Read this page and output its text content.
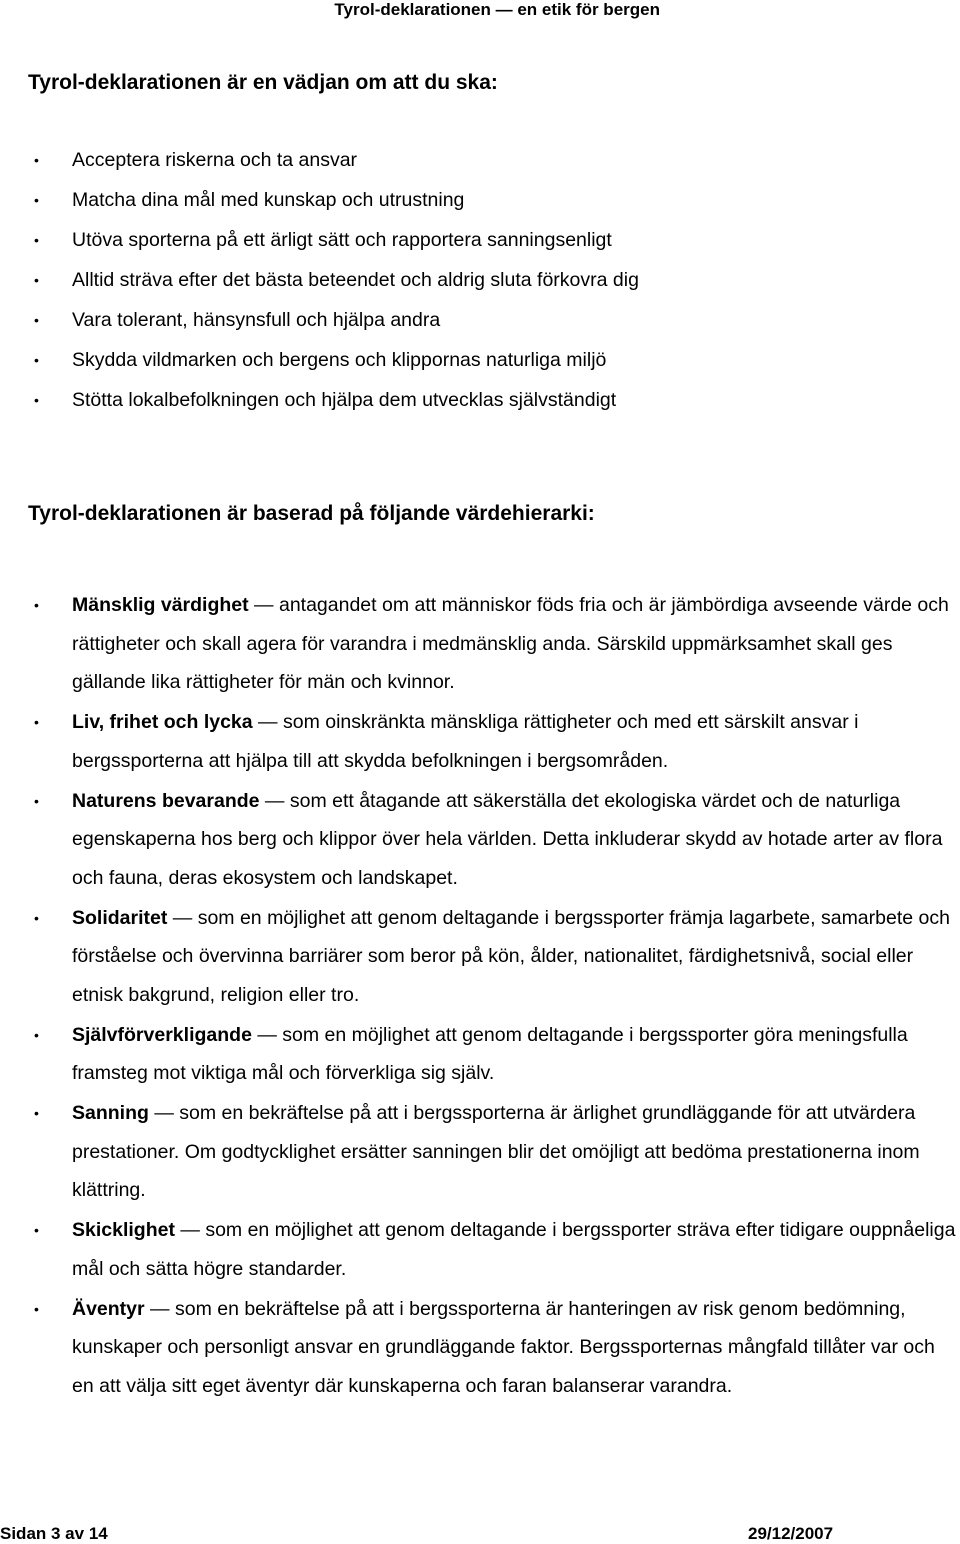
Tyrol-deklarationen — en etik för bergen
Tyrol-deklarationen är en vädjan om att du ska:
• Acceptera riskerna och ta ansvar
• Matcha dina mål med kunskap och utrustning
• Utöva sporterna på ett ärligt sätt och rapportera sanningsenligt
• Alltid sträva efter det bästa beteendet och aldrig sluta förkovra dig
• Vara tolerant, hänsynsfull och hjälpa andra
• Skydda vildmarken och bergens och klippornas naturliga miljö
• Stötta lokalbefolkningen och hjälpa dem utvecklas självständigt
Tyrol-deklarationen är baserad på följande värdehierarki:
• Mänsklig värdighet — antagandet om att människor föds fria och är jämbördiga avseende värde och rättigheter och skall agera för varandra i medmänsklig anda. Särskild uppmärksamhet skall ges gällande lika rättigheter för män och kvinnor.
• Liv, frihet och lycka — som oinskränkta mänskliga rättigheter och med ett särskilt ansvar i bergssporterna att hjälpa till att skydda befolkningen i bergsområden.
• Naturens bevarande — som ett åtagande att säkerställa det ekologiska värdet och de naturliga egenskaperna hos berg och klippor över hela världen. Detta inkluderar skydd av hotade arter av flora och fauna, deras ekosystem och landskapet.
• Solidaritet — som en möjlighet att genom deltagande i bergssporter främja lagarbete, samarbete och förståelse och övervinna barriärer som beror på kön, ålder, nationalitet, färdighetsnivå, social eller etnisk bakgrund, religion eller tro.
• Självförverkligande — som en möjlighet att genom deltagande i bergssporter göra meningsfulla framsteg mot viktiga mål och förverkliga sig själv.
• Sanning — som en bekräftelse på att i bergssporterna är ärlighet grundläggande för att utvärdera prestationer. Om godtycklighet ersätter sanningen blir det omöjligt att bedöma prestationerna inom klättring.
• Skicklighet — som en möjlighet att genom deltagande i bergssporter sträva efter tidigare ouppnåeliga mål och sätta högre standarder.
• Äventyr — som en bekräftelse på att i bergssporterna är hanteringen av risk genom bedömning, kunskaper och personligt ansvar en grundläggande faktor. Bergssporternas mångfald tillåter var och en att välja sitt eget äventyr där kunskaperna och faran balanserar varandra.
Sidan 3 av 14	29/12/2007
